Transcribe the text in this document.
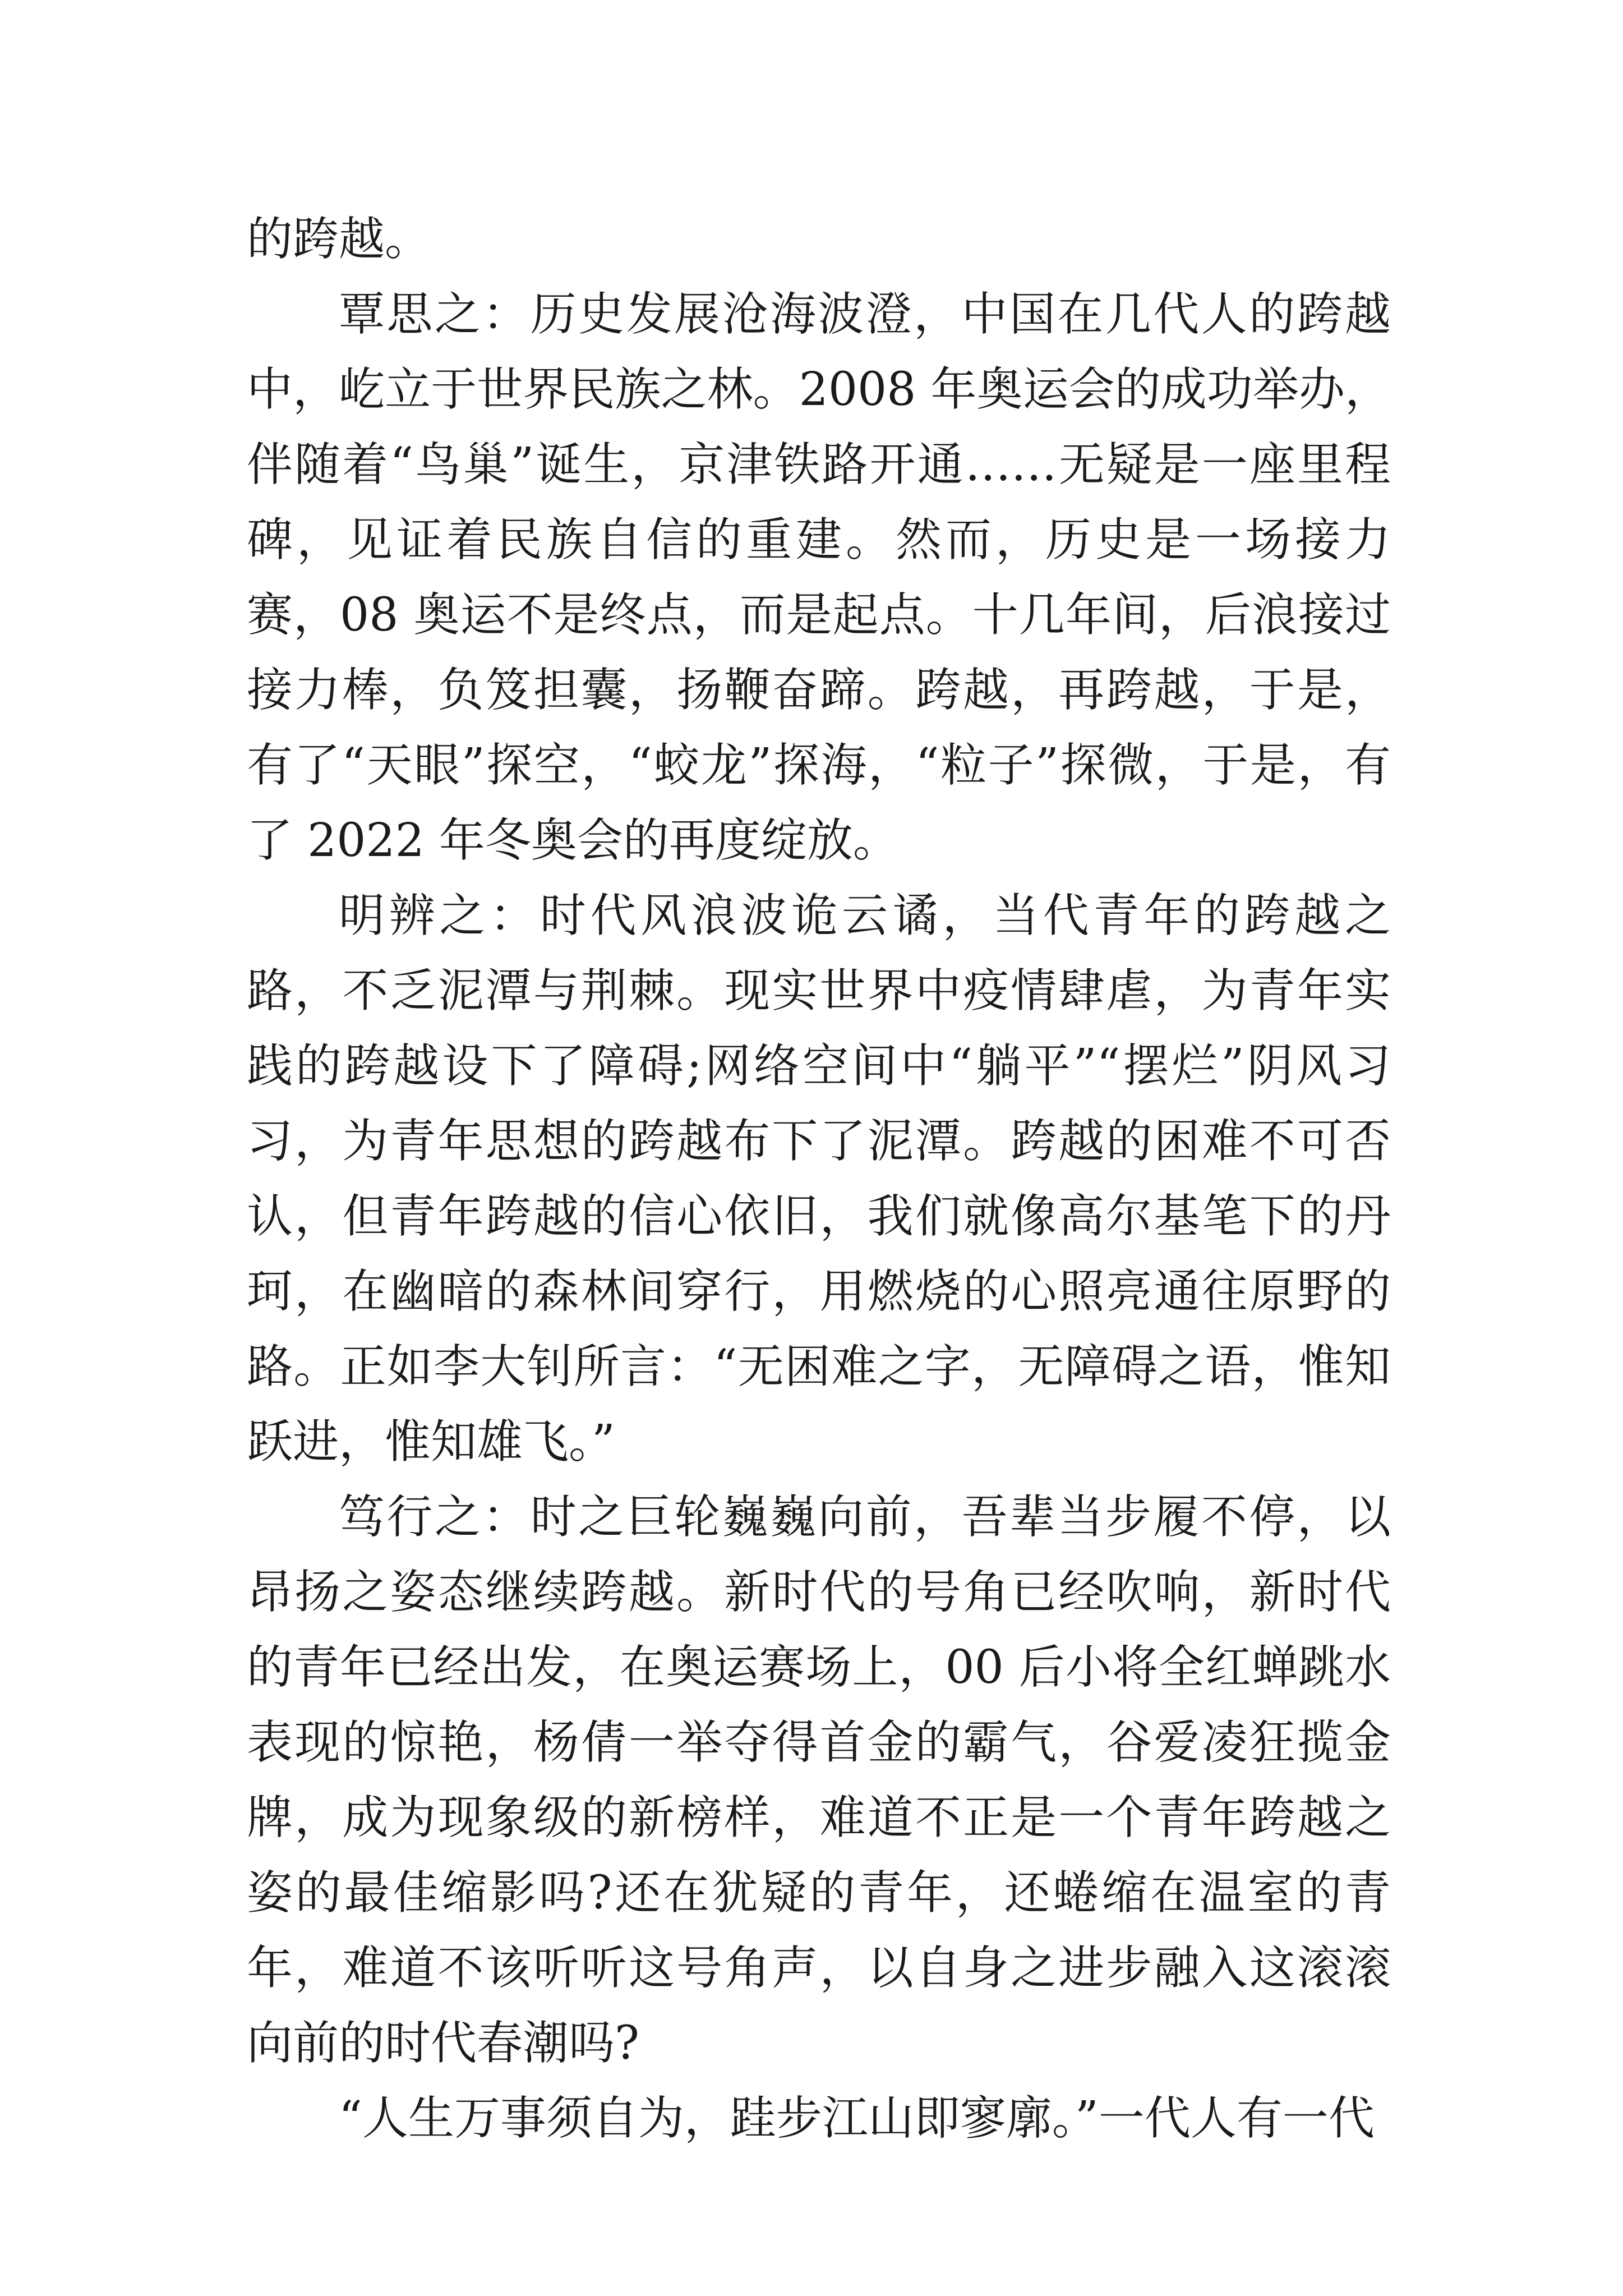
的跨越。

覃思之：历史发展沧海波澄，中国在几代人的跨越中，屹立于世界民族之林。2008 年奥运会的成功举办，伴随着“鸟巢”诞生，京津铁路开通……无疑是一座里程碑，见证着民族自信的重建。然而，历史是一场接力赛，08 奥运不是终点，而是起点。十几年间，后浪接过接力棒，负笈担囊，扬鞭奋蹄。跨越，再跨越，于是，有了“天眼”探空，“蛟龙”探海，“粒子”探微，于是，有了 2022 年冬奥会的再度绽放。

明辨之：时代风浪波诡云谲，当代青年的跨越之路，不乏泥潭与荆棘。现实世界中疫情肆虐，为青年实践的跨越设下了障碍;网络空间中“躺平”“摆烂”阴风习习，为青年思想的跨越布下了泥潭。跨越的困难不可否认，但青年跨越的信心依旧，我们就像高尔基笔下的丹珂，在幽暗的森林间穿行，用燃烧的心照亮通往原野的路。正如李大钊所言：“无困难之字，无障碍之语，惟知跃进，惟知雄飞。”

笃行之：时之巨轮巍巍向前，吾辈当步履不停，以昂扬之姿态继续跨越。新时代的号角已经吹响，新时代的青年已经出发，在奥运赛场上，00 后小将全红蝉跳水表现的惊艳，杨倩一举夺得首金的霸气，谷爱凌狂揽金牌，成为现象级的新榜样，难道不正是一个青年跨越之姿的最佳缩影吗?还在犹疑的青年，还蜷缩在温室的青年，难道不该听听这号角声，以自身之进步融入这滚滚向前的时代春潮吗?

“人生万事须自为，跬步江山即寥廓。”一代人有一代
